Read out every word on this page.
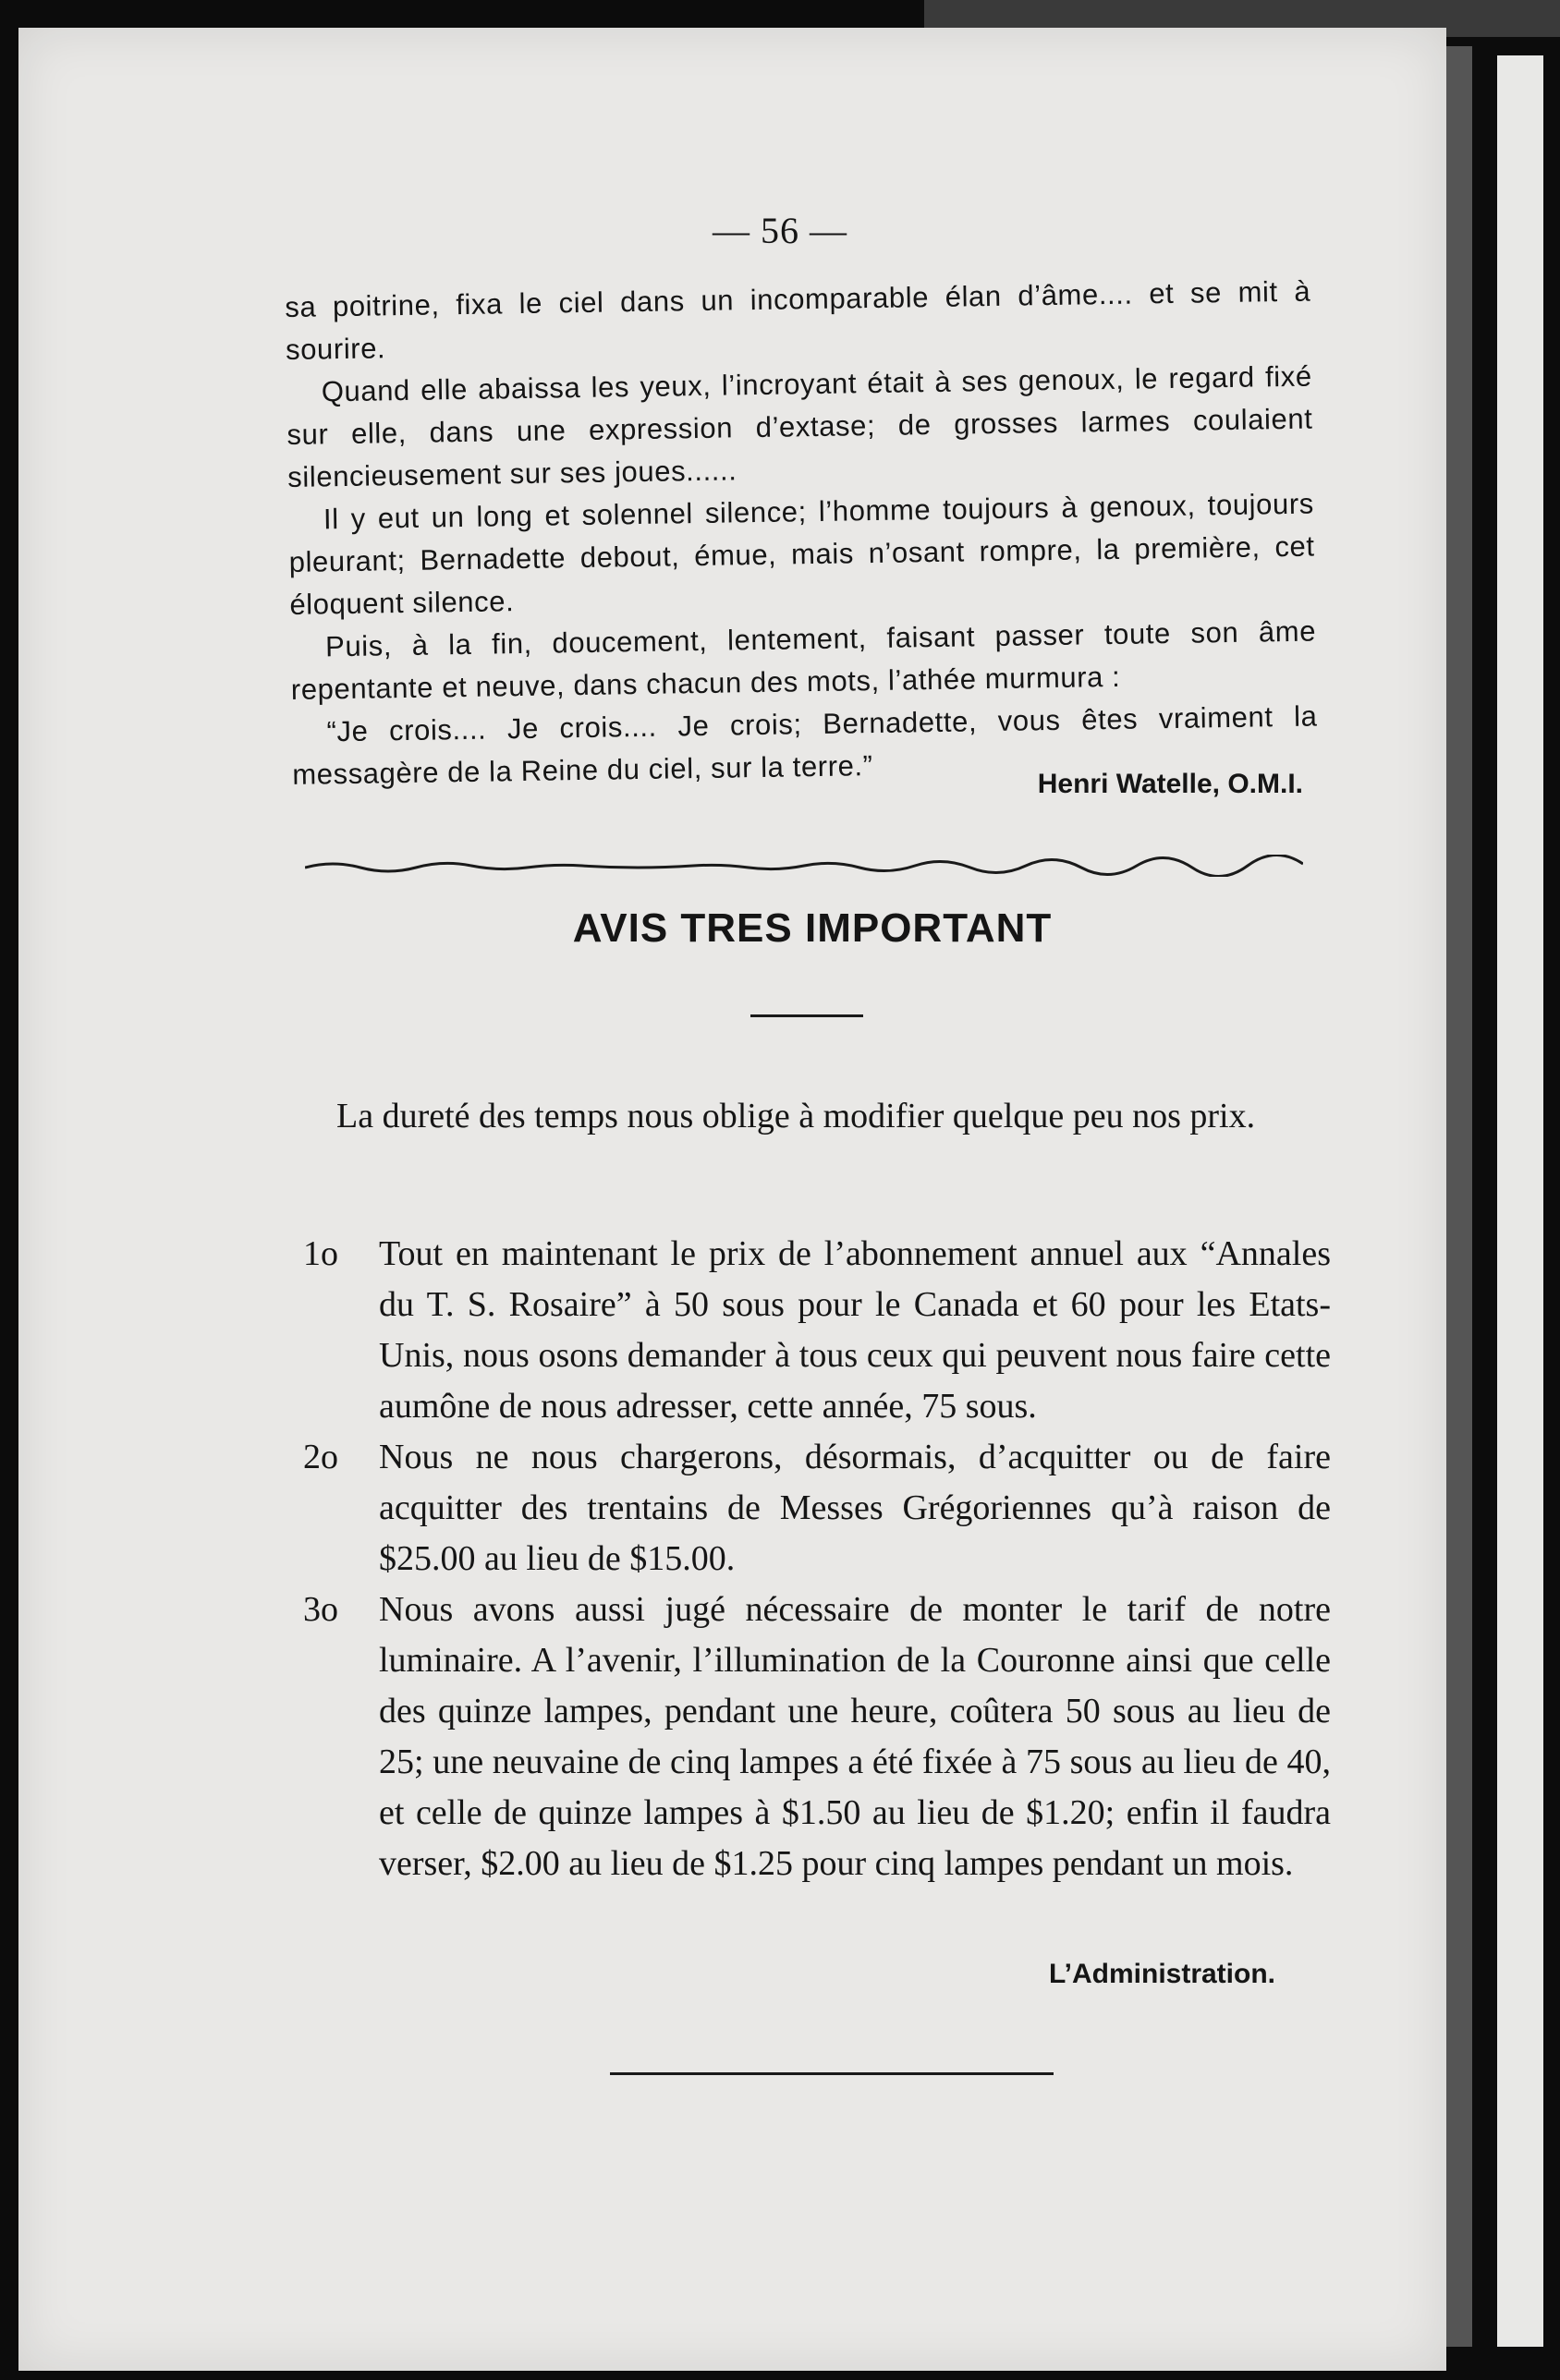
— 56 —

sa poitrine, fixa le ciel dans un incomparable élan d’âme.... et se mit à sourire.

Quand elle abaissa les yeux, l’incroyant était à ses genoux, le regard fixé sur elle, dans une expression d’extase; de grosses larmes coulaient silencieusement sur ses joues......

Il y eut un long et solennel silence; l’homme toujours à genoux, toujours pleurant; Bernadette debout, émue, mais n’osant rompre, la première, cet éloquent silence.

Puis, à la fin, doucement, lentement, faisant passer toute son âme repentante et neuve, dans chacun des mots, l’athée murmura :

“Je crois.... Je crois.... Je crois; Bernadette, vous êtes vraiment la messagère de la Reine du ciel, sur la terre.”	Henri Watelle, O.M.I.
AVIS TRES IMPORTANT

La dureté des temps nous oblige à modifier quelque peu nos prix.

1o	Tout en maintenant le prix de l’abonnement annuel aux “Annales du T. S. Rosaire” à 50 sous pour le Canada et 60 pour les Etats-Unis, nous osons demander à tous ceux qui peuvent nous faire cette aumône de nous adresser, cette année, 75 sous.
2o	Nous ne nous chargerons, désormais, d’acquitter ou de faire acquitter des trentains de Messes Grégoriennes qu’à raison de $25.00 au lieu de $15.00.
3o	Nous avons aussi jugé nécessaire de monter le tarif de notre luminaire. A l’avenir, l’illumination de la Couronne ainsi que celle des quinze lampes, pendant une heure, coûtera 50 sous au lieu de 25; une neuvaine de cinq lampes a été fixée à 75 sous au lieu de 40, et celle de quinze lampes à $1.50 au lieu de $1.20; enfin il faudra verser, $2.00 au lieu de $1.25 pour cinq lampes pendant un mois.
L’Administration.
